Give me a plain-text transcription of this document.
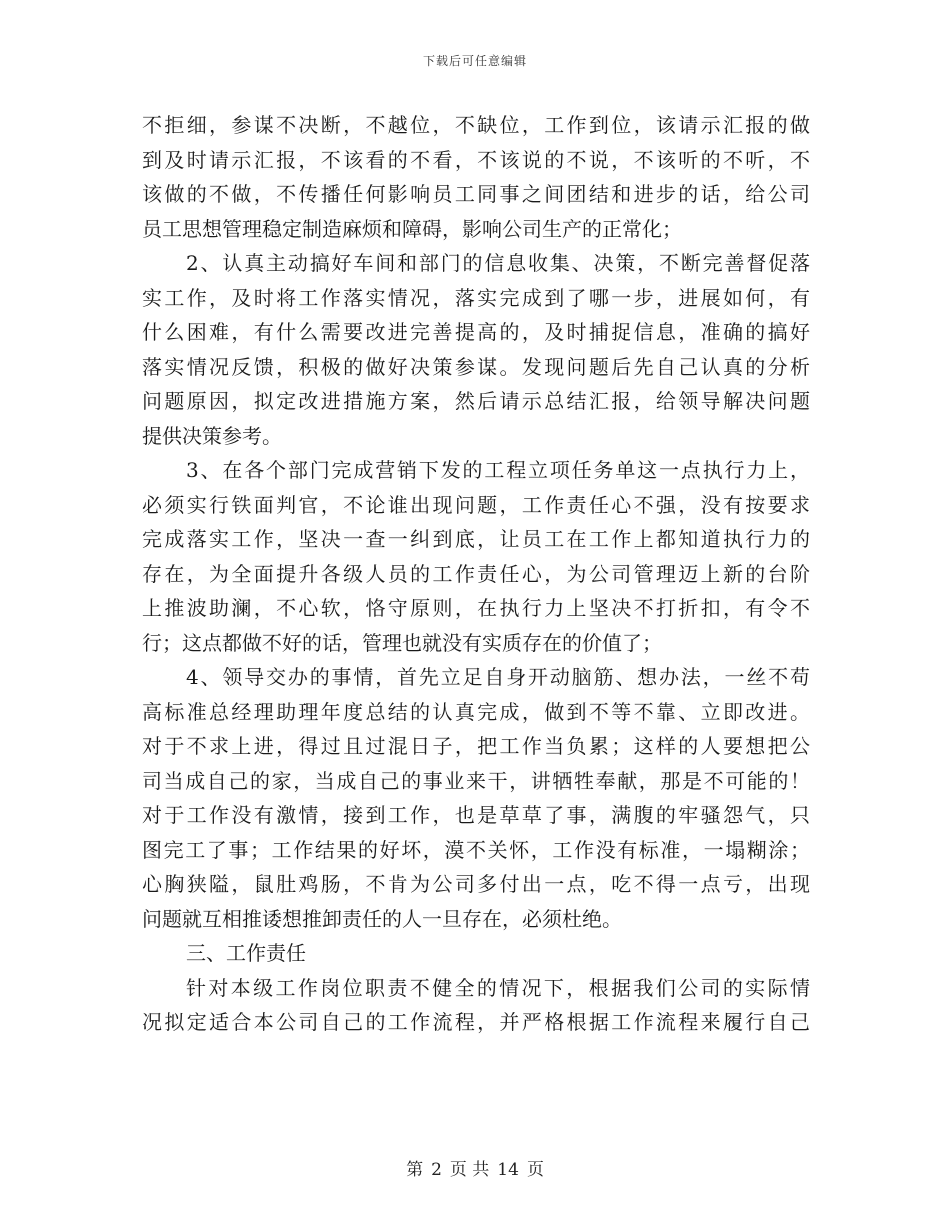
下载后可任意编辑
不拒细，参谋不决断，不越位，不缺位，工作到位，该请示汇报的做
到及时请示汇报，不该看的不看，不该说的不说，不该听的不听，不
该做的不做，不传播任何影响员工同事之间团结和进步的话，给公司
员工思想管理稳定制造麻烦和障碍，影响公司生产的正常化；
2、认真主动搞好车间和部门的信息收集、决策，不断完善督促落
实工作，及时将工作落实情况，落实完成到了哪一步，进展如何，有
什么困难，有什么需要改进完善提高的，及时捕捉信息，准确的搞好
落实情况反馈，积极的做好决策参谋。发现问题后先自己认真的分析
问题原因，拟定改进措施方案，然后请示总结汇报，给领导解决问题
提供决策参考。
3、在各个部门完成营销下发的工程立项任务单这一点执行力上，
必须实行铁面判官，不论谁出现问题，工作责任心不强，没有按要求
完成落实工作，坚决一查一纠到底，让员工在工作上都知道执行力的
存在，为全面提升各级人员的工作责任心，为公司管理迈上新的台阶
上推波助澜，不心软，恪守原则，在执行力上坚决不打折扣，有令不
行；这点都做不好的话，管理也就没有实质存在的价值了；
4、领导交办的事情，首先立足自身开动脑筋、想办法，一丝不苟
高标准总经理助理年度总结的认真完成，做到不等不靠、立即改进。
对于不求上进，得过且过混日子，把工作当负累；这样的人要想把公
司当成自己的家，当成自己的事业来干，讲牺牲奉献，那是不可能的！
对于工作没有激情，接到工作，也是草草了事，满腹的牢骚怨气，只
图完工了事；工作结果的好坏，漠不关怀，工作没有标准，一塌糊涂；
心胸狭隘，鼠肚鸡肠，不肯为公司多付出一点，吃不得一点亏，出现
问题就互相推诿想推卸责任的人一旦存在，必须杜绝。
三、工作责任
针对本级工作岗位职责不健全的情况下，根据我们公司的实际情
况拟定适合本公司自己的工作流程，并严格根据工作流程来履行自己
第 2 页 共 14 页
